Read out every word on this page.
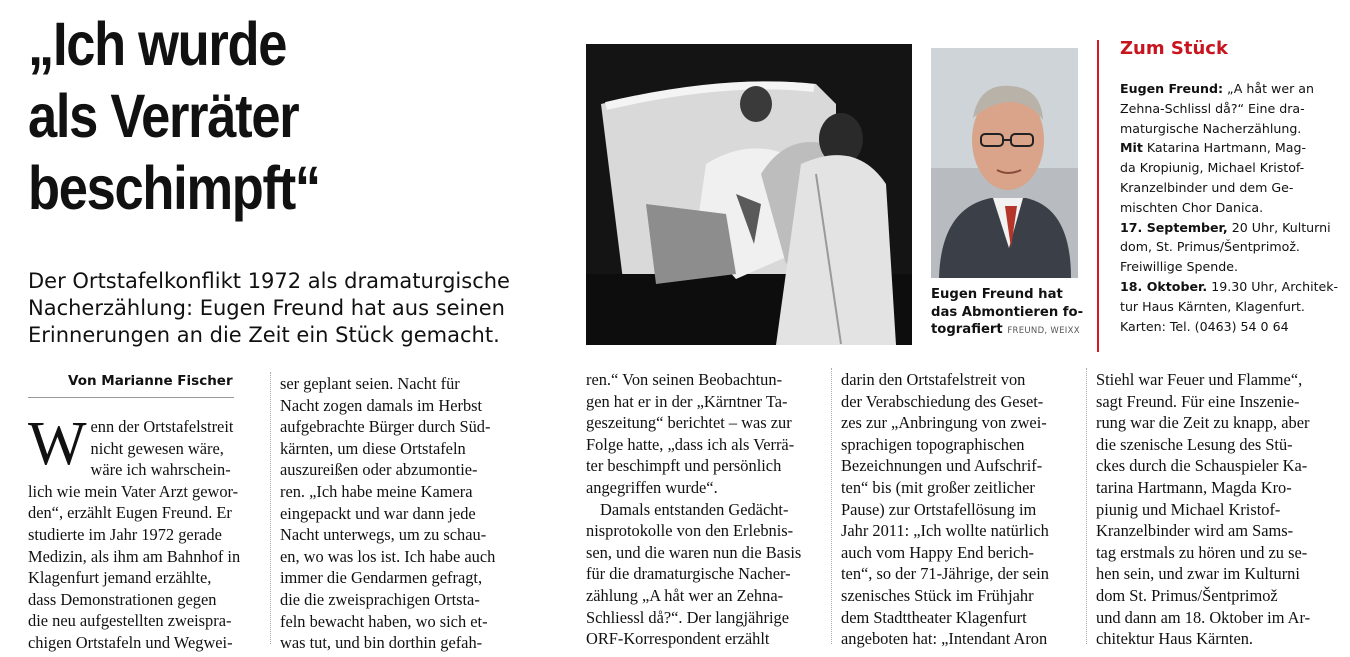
„Ich wurde
als Verräter
beschimpft“
Der Ortstafelkonflikt 1972 als dramaturgische
Nacherzählung: Eugen Freund hat aus seinen
Erinnerungen an die Zeit ein Stück gemacht.
Von Marianne Fischer
W enn der Ortstafelstreit
nicht gewesen wäre,
wäre ich wahrschein-
lich wie mein Vater Arzt gewor-
den“, erzählt Eugen Freund. Er
studierte im Jahr 1972 gerade
Medizin, als ihm am Bahnhof in
Klagenfurt jemand erzählte,
dass Demonstrationen gegen
die neu aufgestellten zweispra-
chigen Ortstafeln und Wegwei-
ser geplant seien. Nacht für
Nacht zogen damals im Herbst
aufgebrachte Bürger durch Süd-
kärnten, um diese Ortstafeln
auszureißen oder abzumontie-
ren. „Ich habe meine Kamera
eingepackt und war dann jede
Nacht unterwegs, um zu schau-
en, wo was los ist. Ich habe auch
immer die Gendarmen gefragt,
die die zweisprachigen Ortsta-
feln bewacht haben, wo sich et-
was tut, und bin dorthin gefah-
Eugen Freund hat
das Abmontieren fo-
tografiert FREUND, WEIXX
ren.“ Von seinen Beobachtun-
gen hat er in der „Kärntner Ta-
geszeitung“ berichtet – was zur
Folge hatte, „dass ich als Verrä-
ter beschimpft und persönlich
angegriffen wurde“.
Damals entstanden Gedächt-
nisprotokolle von den Erlebnis-
sen, und die waren nun die Basis
für die dramaturgische Nacher-
zählung „A håt wer an Zehna-
Schliessl då?“. Der langjährige
ORF-Korrespondent erzählt
darin den Ortstafelstreit von
der Verabschiedung des Geset-
zes zur „Anbringung von zwei-
sprachigen topographischen
Bezeichnungen und Aufschrif-
ten“ bis (mit großer zeitlicher
Pause) zur Ortstafellösung im
Jahr 2011: „Ich wollte natürlich
auch vom Happy End berich-
ten“, so der 71-Jährige, der sein
szenisches Stück im Frühjahr
dem Stadttheater Klagenfurt
angeboten hat: „Intendant Aron
Stiehl war Feuer und Flamme“,
sagt Freund. Für eine Inszenie-
rung war die Zeit zu knapp, aber
die szenische Lesung des Stü-
ckes durch die Schauspieler Ka-
tarina Hartmann, Magda Kro-
piunig und Michael Kristof-
Kranzelbinder wird am Sams-
tag erstmals zu hören und zu se-
hen sein, und zwar im Kulturni
dom St. Primus/Šentprimož
und dann am 18. Oktober im Ar-
chitektur Haus Kärnten.
Zum Stück
Eugen Freund: „A håt wer an
Zehna-Schlissl då?“ Eine dra-
maturgische Nacherzählung.
Mit Katarina Hartmann, Mag-
da Kropiunig, Michael Kristof-
Kranzelbinder und dem Ge-
mischten Chor Danica.
17. September, 20 Uhr, Kulturni
dom, St. Primus/Šentprimož.
Freiwillige Spende.
18. Oktober. 19.30 Uhr, Architek-
tur Haus Kärnten, Klagenfurt.
Karten: Tel. (0463) 54 0 64
